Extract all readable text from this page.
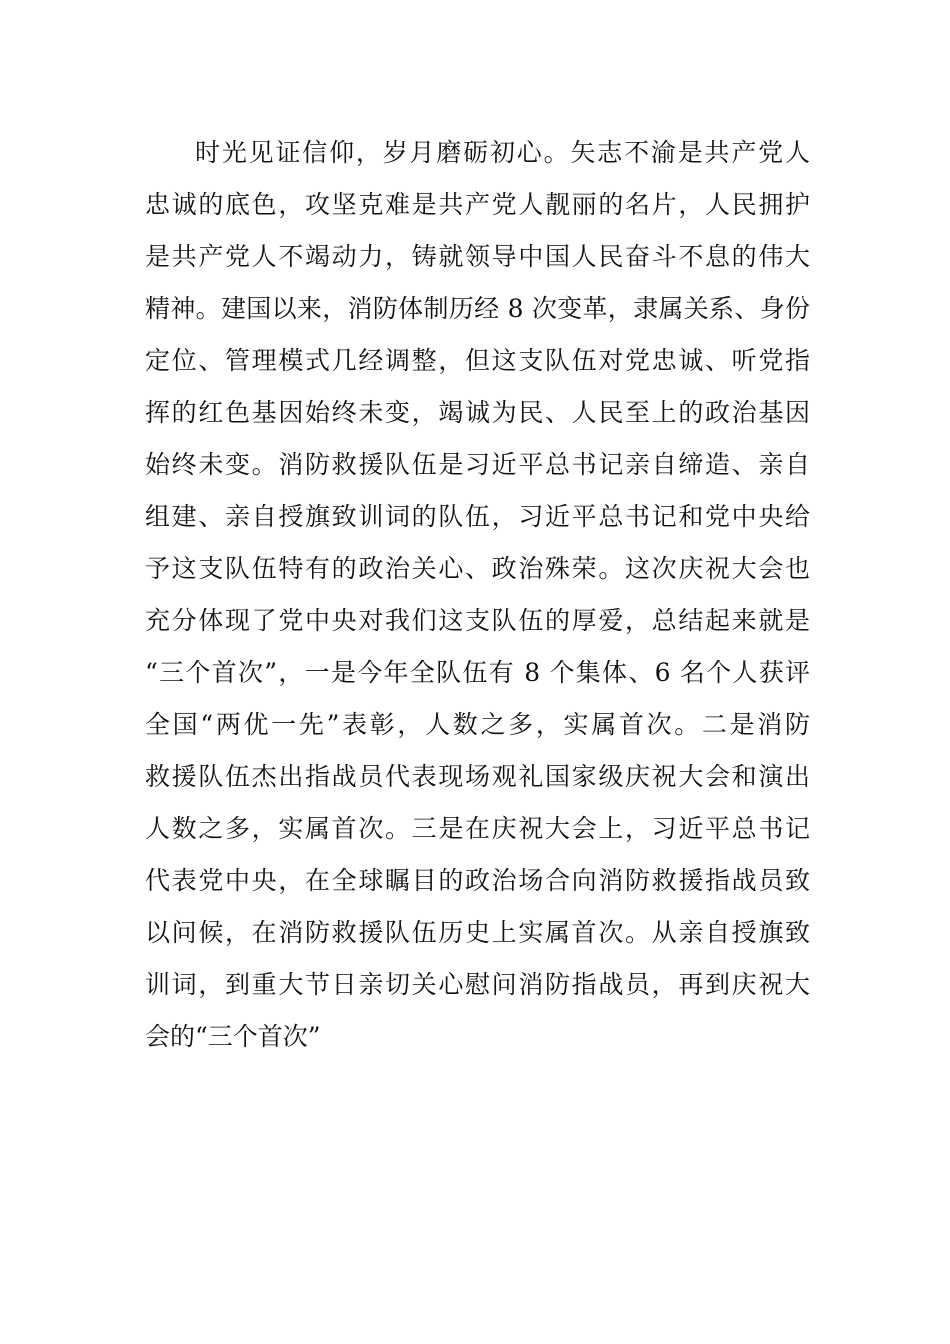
时光见证信仰，岁月磨砺初心。矢志不渝是共产党人
忠诚的底色，攻坚克难是共产党人靓丽的名片，人民拥护
是共产党人不竭动力，铸就领导中国人民奋斗不息的伟大
精神。建国以来，消防体制历经 8 次变革，隶属关系、身份
定位、管理模式几经调整，但这支队伍对党忠诚、听党指
挥的红色基因始终未变，竭诚为民、人民至上的政治基因
始终未变。消防救援队伍是习近平总书记亲自缔造、亲自
组建、亲自授旗致训词的队伍，习近平总书记和党中央给
予这支队伍特有的政治关心、政治殊荣。这次庆祝大会也
充分体现了党中央对我们这支队伍的厚爱，总结起来就是
“三个首次”，一是今年全队伍有 8 个集体、6 名个人获评
全国“两优一先”表彰，人数之多，实属首次。二是消防
救援队伍杰出指战员代表现场观礼国家级庆祝大会和演出
人数之多，实属首次。三是在庆祝大会上，习近平总书记
代表党中央，在全球瞩目的政治场合向消防救援指战员致
以问候，在消防救援队伍历史上实属首次。从亲自授旗致
训词，到重大节日亲切关心慰问消防指战员，再到庆祝大
会的“三个首次”
